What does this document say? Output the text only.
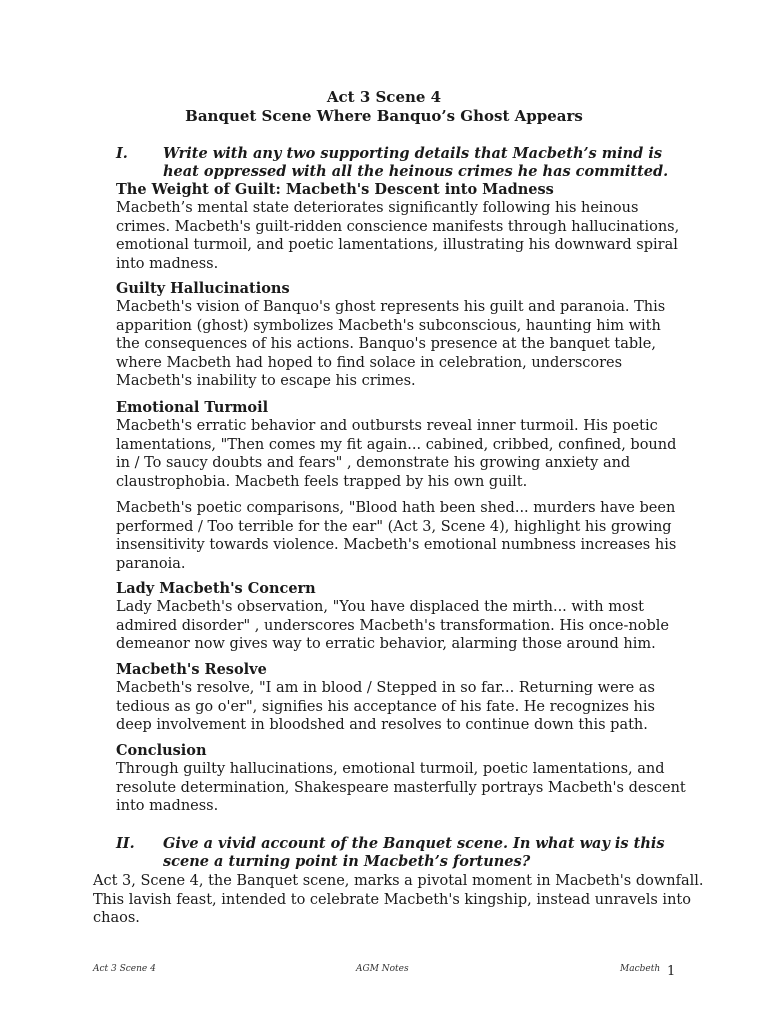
Act 3 Scene 4
Banquet Scene Where Banquo’s Ghost Appears
I. Write with any two supporting details that Macbeth’s mind is heat oppressed with all the heinous crimes he has committed.
The Weight of Guilt: Macbeth's Descent into Madness

Macbeth’s mental state deteriorates significantly following his heinous crimes. Macbeth's guilt-ridden conscience manifests through hallucinations, emotional turmoil, and poetic lamentations, illustrating his downward spiral into madness.

Guilty Hallucinations

Macbeth's vision of Banquo's ghost represents his guilt and paranoia. This apparition (ghost) symbolizes Macbeth's subconscious, haunting him with the consequences of his actions. Banquo's presence at the banquet table, where Macbeth had hoped to find solace in celebration, underscores Macbeth's inability to escape his crimes.

Emotional Turmoil

Macbeth's erratic behavior and outbursts reveal inner turmoil. His poetic lamentations, "Then comes my fit again... cabined, cribbed, confined, bound in / To saucy doubts and fears" , demonstrate his growing anxiety and claustrophobia. Macbeth feels trapped by his own guilt.

Macbeth's poetic comparisons, "Blood hath been shed... murders have been performed / Too terrible for the ear" (Act 3, Scene 4), highlight his growing insensitivity towards violence. Macbeth's emotional numbness increases his paranoia.

Lady Macbeth's Concern

Lady Macbeth's observation, "You have displaced the mirth... with most admired disorder" , underscores Macbeth's transformation. His once-noble demeanor now gives way to erratic behavior, alarming those around him.

Macbeth's Resolve

Macbeth's resolve, "I am in blood / Stepped in so far... Returning were as tedious as go o'er", signifies his acceptance of his fate. He recognizes his deep involvement in bloodshed and resolves to continue down this path.

Conclusion

Through guilty hallucinations, emotional turmoil, poetic lamentations, and resolute determination, Shakespeare masterfully portrays Macbeth's descent into madness.

II. Give a vivid account of the Banquet scene. In what way is this scene a turning point in Macbeth’s fortunes?

Act 3, Scene 4, the Banquet scene, marks a pivotal moment in Macbeth's downfall. This lavish feast, intended to celebrate Macbeth's kingship, instead unravels into chaos.

Act 3 Scene 4	AGM Notes	Macbeth 1
